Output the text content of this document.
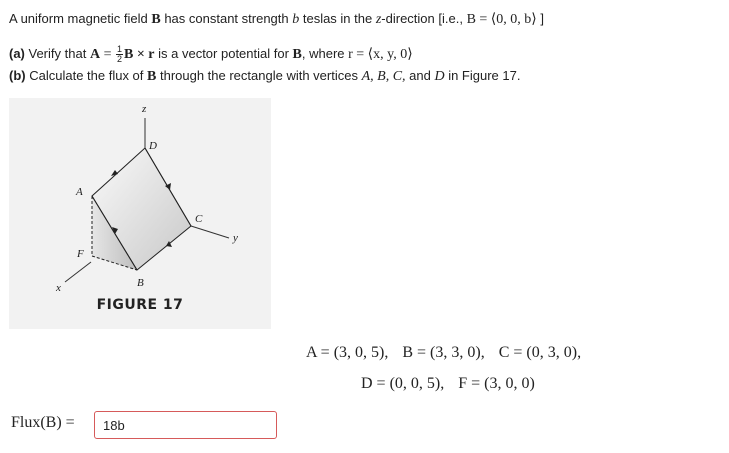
A uniform magnetic field B has constant strength b teslas in the z-direction [i.e., B = ⟨0, 0, b⟩ ]
(a) Verify that $A = \frac{1}{2}$ B × r is a vector potential for B, where r = ⟨x, y, 0⟩
(b) Calculate the flux of B through the rectangle with vertices A, B, C, and D in Figure 17.
z
y
x
D
A
C
F
B
FIGURE 17
A = (3, 0, 5), B = (3, 3, 0), C = (0, 3, 0),
D = (0, 0, 5), F = (3, 0, 0)
Flux(B) =
18b
